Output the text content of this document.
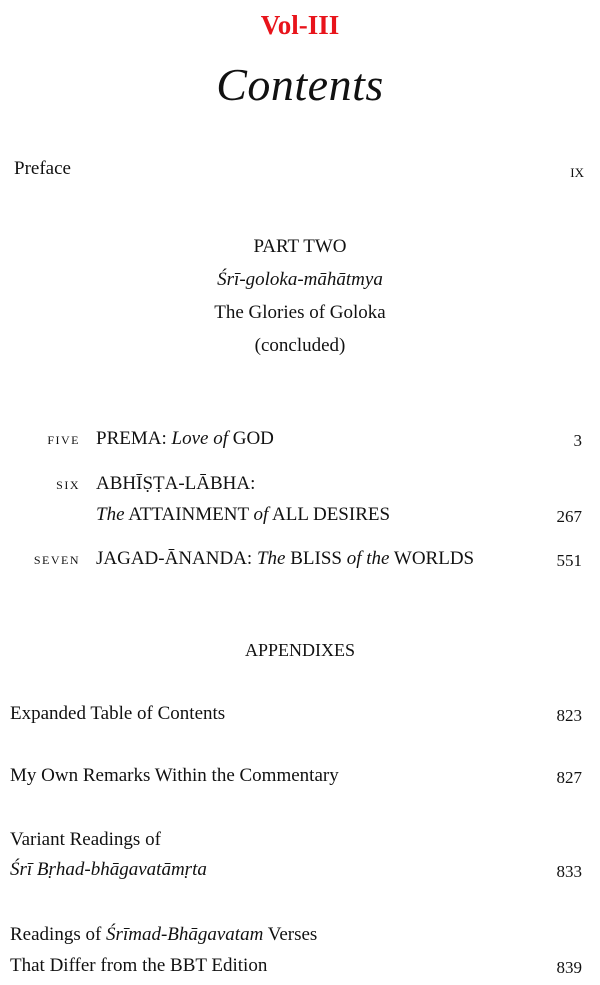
Vol-III
Contents
Preface	ix
PART TWO
Śrī-goloka-māhātmya
The Glories of Goloka
(concluded)
FIVE PREMA: Love of GOD	3
SIX ABHĪṢṬA-LĀBHA:
The ATTAINMENT of ALL DESIRES	267
SEVEN JAGAD-ĀNANDA: The BLISS of the WORLDS	551
APPENDIXES
Expanded Table of Contents	823
My Own Remarks Within the Commentary	827
Variant Readings of
Śrī Bṛhad-bhāgavatāmṛta	833
Readings of Śrīmad-Bhāgavatam Verses
That Differ from the BBT Edition	839
